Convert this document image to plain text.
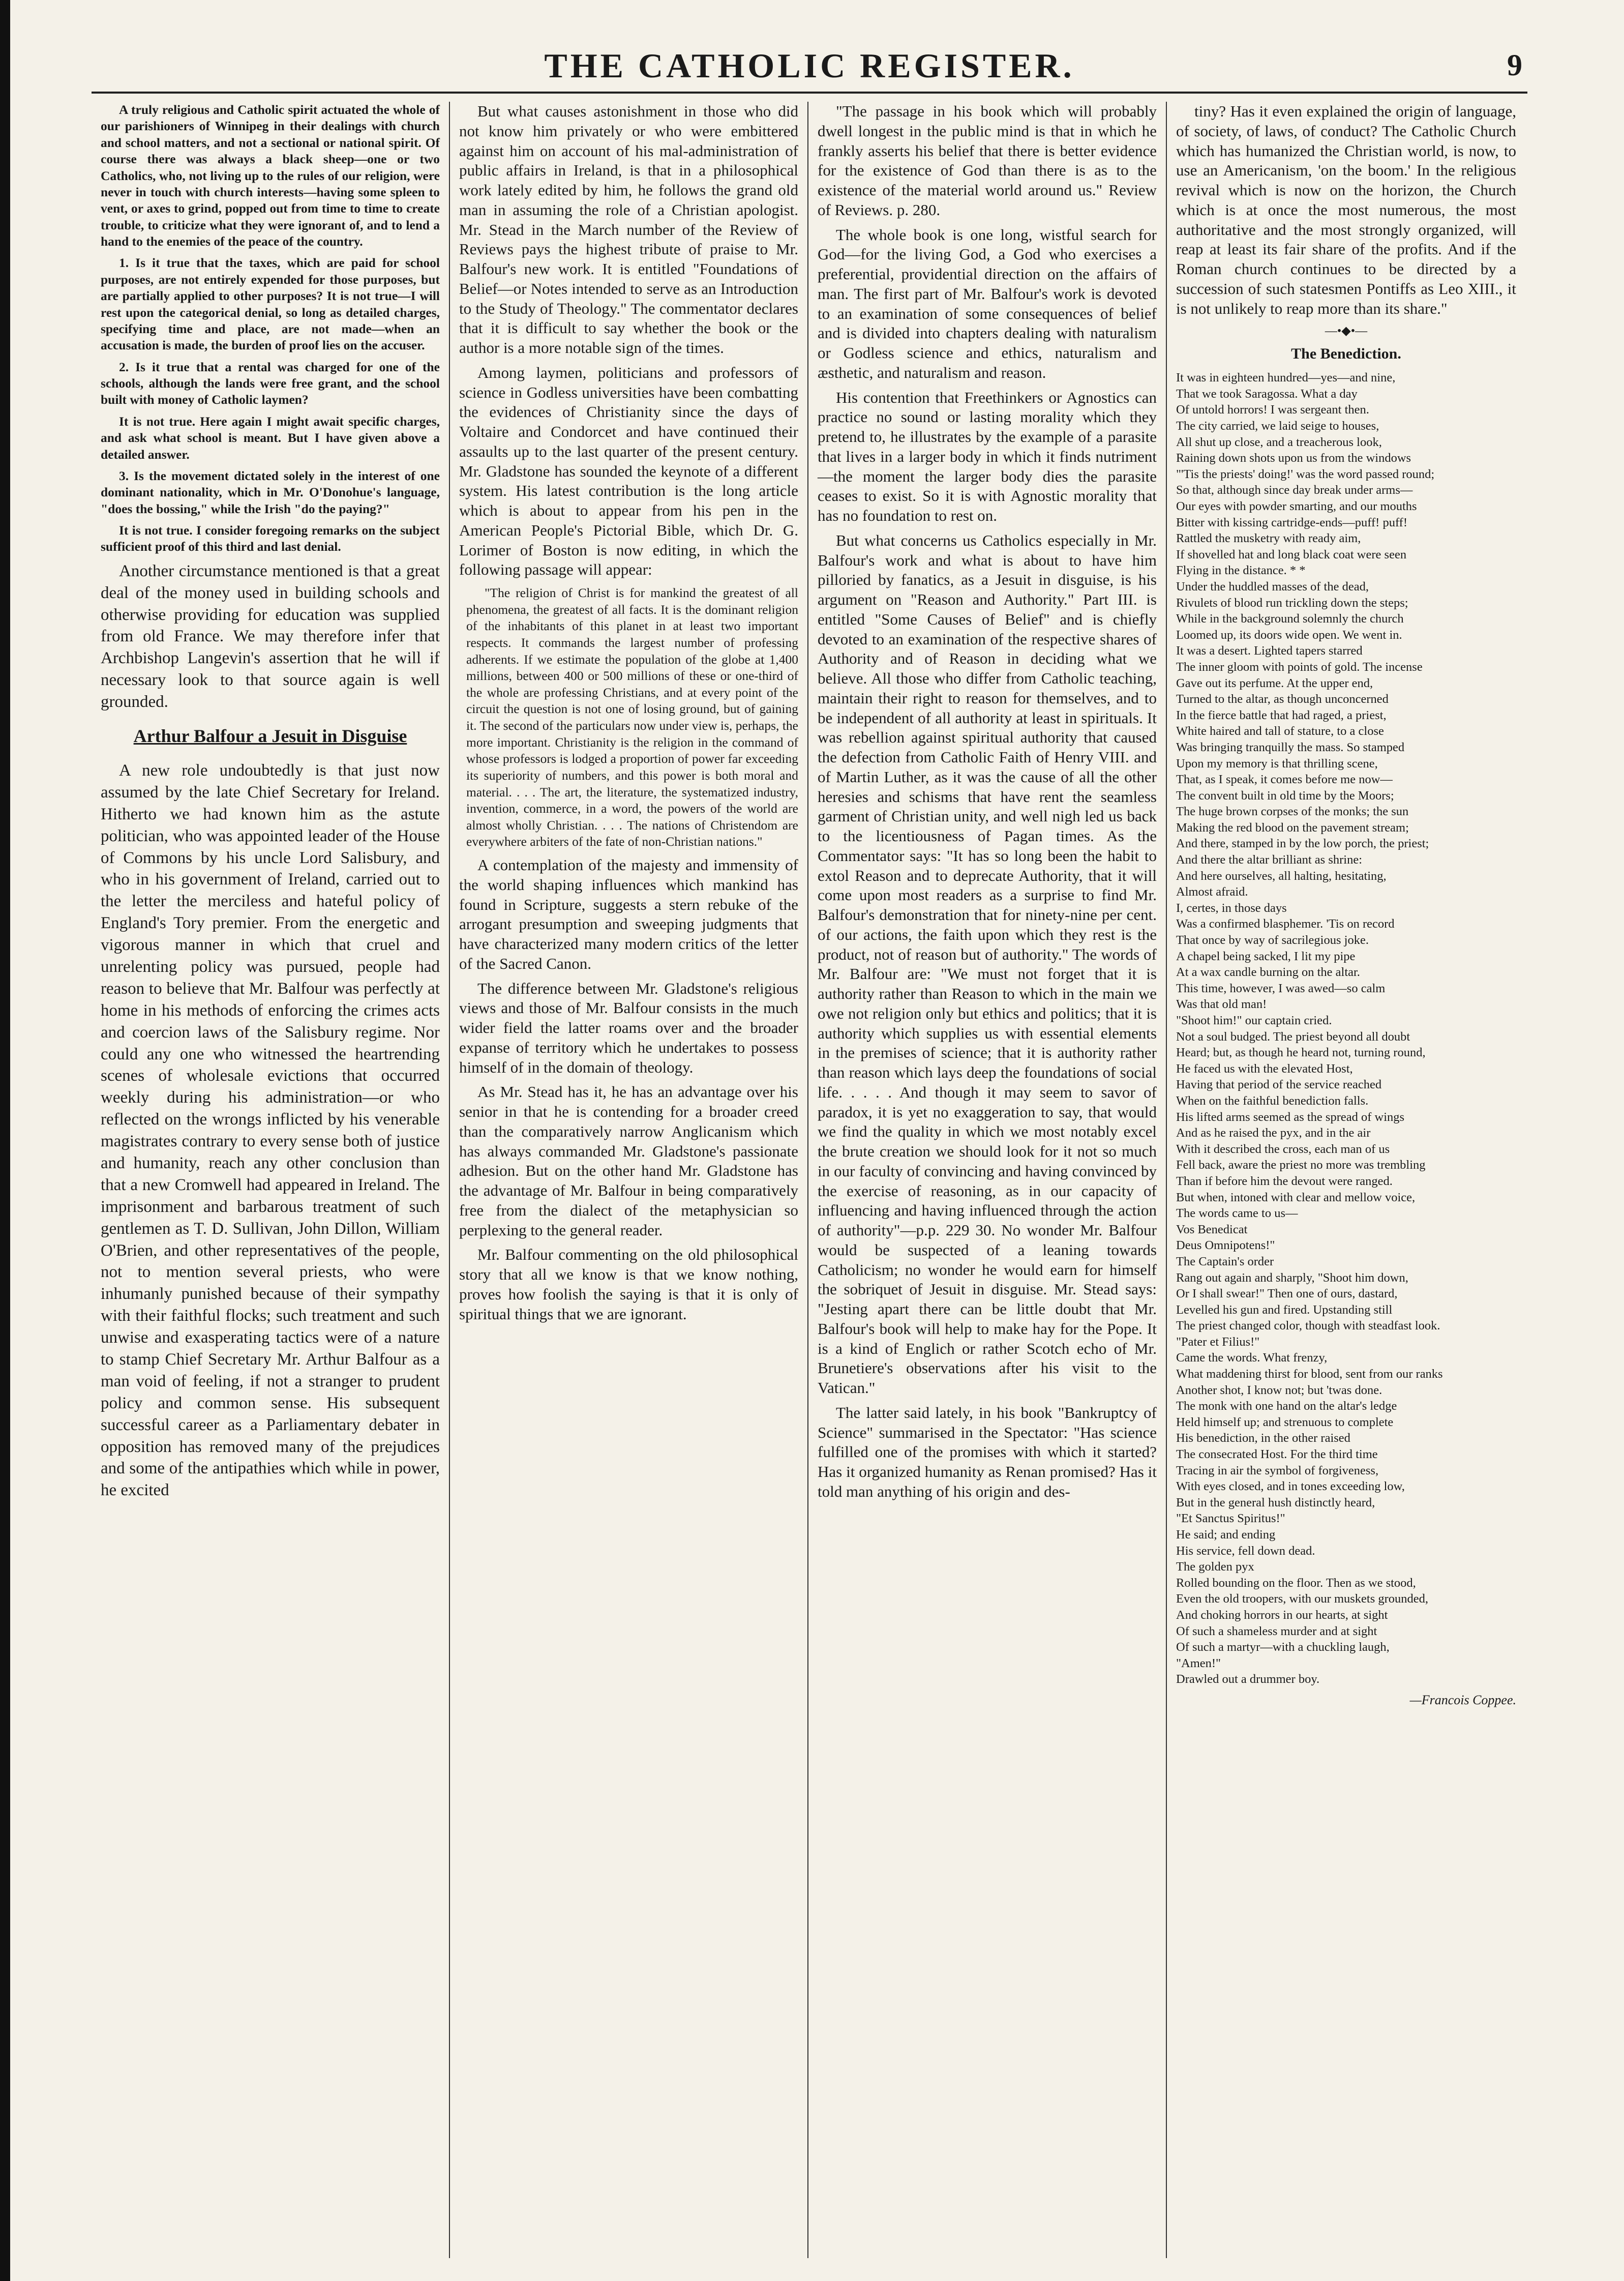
THE CATHOLIC REGISTER.	9

A truly religious and Catholic spirit actuated the whole of our parishioners of Winnipeg in their dealings with church and school matters, and not a sectional or national spirit. Of course there was always a black sheep—one or two Catholics, who, not living up to the rules of our religion, were never in touch with church interests—having some spleen to vent, or axes to grind, popped out from time to time to create trouble, to criticize what they were ignorant of, and to lend a hand to the enemies of the peace of the country.

1. Is it true that the taxes, which are paid for school purposes, are not entirely expended for those purposes, but are partially applied to other purposes? It is not true—I will rest upon the categorical denial, so long as detailed charges, specifying time and place, are not made—when an accusation is made, the burden of proof lies on the accuser.

2. Is it true that a rental was charged for one of the schools, although the lands were free grant, and the school built with money of Catholic laymen?

It is not true. Here again I might await specific charges, and ask what school is meant. But I have given above a detailed answer.

3. Is the movement dictated solely in the interest of one dominant nationality, which in Mr. O'Donohue's language, "does the bossing," while the Irish "do the paying?"

It is not true. I consider foregoing remarks on the subject sufficient proof of this third and last denial.

Another circumstance mentioned is that a great deal of the money used in building schools and otherwise providing for education was supplied from old France. We may therefore infer that Archbishop Langevin's assertion that he will if necessary look to that source again is well grounded.

Arthur Balfour a Jesuit in Disguise

A new role undoubtedly is that just now assumed by the late Chief Secretary for Ireland. Hitherto we had known him as the astute politician, who was appointed leader of the House of Commons by his uncle Lord Salisbury, and who in his government of Ireland, carried out to the letter the merciless and hateful policy of England's Tory premier. From the energetic and vigorous manner in which that cruel and unrelenting policy was pursued, people had reason to believe that Mr. Balfour was perfectly at home in his methods of enforcing the crimes acts and coercion laws of the Salisbury regime. Nor could any one who witnessed the heartrending scenes of wholesale evictions that occurred weekly during his administration—or who reflected on the wrongs inflicted by his venerable magistrates contrary to every sense both of justice and humanity, reach any other conclusion than that a new Cromwell had appeared in Ireland. The imprisonment and barbarous treatment of such gentlemen as T. D. Sullivan, John Dillon, William O'Brien, and other representatives of the people, not to mention several priests, who were inhumanly punished because of their sympathy with their faithful flocks; such treatment and such unwise and exasperating tactics were of a nature to stamp Chief Secretary Mr. Arthur Balfour as a man void of feeling, if not a stranger to prudent policy and common sense. His subsequent successful career as a Parliamentary debater in opposition has removed many of the prejudices and some of the antipathies which while in power, he excited

But what causes astonishment in those who did not know him privately or who were embittered against him on account of his mal-administration of public affairs in Ireland, is that in a philosophical work lately edited by him, he follows the grand old man in assuming the role of a Christian apologist. Mr. Stead in the March number of the Review of Reviews pays the highest tribute of praise to Mr. Balfour's new work. It is entitled "Foundations of Belief—or Notes intended to serve as an Introduction to the Study of Theology." The commentator declares that it is difficult to say whether the book or the author is a more notable sign of the times.

Among laymen, politicians and professors of science in Godless universities have been combatting the evidences of Christianity since the days of Voltaire and Condorcet and have continued their assaults up to the last quarter of the present century. Mr. Gladstone has sounded the keynote of a different system. His latest contribution is the long article which is about to appear from his pen in the American People's Pictorial Bible, which Dr. G. Lorimer of Boston is now editing, in which the following passage will appear:

"The religion of Christ is for mankind the greatest of all phenomena, the greatest of all facts. It is the dominant religion of the inhabitants of this planet in at least two important respects. It commands the largest number of professing adherents. If we estimate the population of the globe at 1,400 millions, between 400 or 500 millions of these or one-third of the whole are professing Christians, and at every point of the circuit the question is not one of losing ground, but of gaining it. The second of the particulars now under view is, perhaps, the more important. Christianity is the religion in the command of whose professors is lodged a proportion of power far exceeding its superiority of numbers, and this power is both moral and material. . . . The art, the literature, the systematized industry, invention, commerce, in a word, the powers of the world are almost wholly Christian. . . . The nations of Christendom are everywhere arbiters of the fate of non-Christian nations."

A contemplation of the majesty and immensity of the world shaping influences which mankind has found in Scripture, suggests a stern rebuke of the arrogant presumption and sweeping judgments that have characterized many modern critics of the letter of the Sacred Canon.

The difference between Mr. Gladstone's religious views and those of Mr. Balfour consists in the much wider field the latter roams over and the broader expanse of territory which he undertakes to possess himself of in the domain of theology.

As Mr. Stead has it, he has an advantage over his senior in that he is contending for a broader creed than the comparatively narrow Anglicanism which has always commanded Mr. Gladstone's passionate adhesion. But on the other hand Mr. Gladstone has the advantage of Mr. Balfour in being comparatively free from the dialect of the metaphysician so perplexing to the general reader.

Mr. Balfour commenting on the old philosophical story that all we know is that we know nothing, proves how foolish the saying is that it is only of spiritual things that we are ignorant.

"The passage in his book which will probably dwell longest in the public mind is that in which he frankly asserts his belief that there is better evidence for the existence of God than there is as to the existence of the material world around us." Review of Reviews. p. 280.

The whole book is one long, wistful search for God—for the living God, a God who exercises a preferential, providential direction on the affairs of man. The first part of Mr. Balfour's work is devoted to an examination of some consequences of belief and is divided into chapters dealing with naturalism or Godless science and ethics, naturalism and æsthetic, and naturalism and reason.

His contention that Freethinkers or Agnostics can practice no sound or lasting morality which they pretend to, he illustrates by the example of a parasite that lives in a larger body in which it finds nutriment—the moment the larger body dies the parasite ceases to exist. So it is with Agnostic morality that has no foundation to rest on.

But what concerns us Catholics especially in Mr. Balfour's work and what is about to have him pilloried by fanatics, as a Jesuit in disguise, is his argument on "Reason and Authority." Part III. is entitled "Some Causes of Belief" and is chiefly devoted to an examination of the respective shares of Authority and of Reason in deciding what we believe. All those who differ from Catholic teaching, maintain their right to reason for themselves, and to be independent of all authority at least in spirituals. It was rebellion against spiritual authority that caused the defection from Catholic Faith of Henry VIII. and of Martin Luther, as it was the cause of all the other heresies and schisms that have rent the seamless garment of Christian unity, and well nigh led us back to the licentiousness of Pagan times. As the Commentator says: "It has so long been the habit to extol Reason and to deprecate Authority, that it will come upon most readers as a surprise to find Mr. Balfour's demonstration that for ninety-nine per cent. of our actions, the faith upon which they rest is the product, not of reason but of authority." The words of Mr. Balfour are: "We must not forget that it is authority rather than Reason to which in the main we owe not religion only but ethics and politics; that it is authority which supplies us with essential elements in the premises of science; that it is authority rather than reason which lays deep the foundations of social life. . . . . And though it may seem to savor of paradox, it is yet no exaggeration to say, that would we find the quality in which we most notably excel the brute creation we should look for it not so much in our faculty of convincing and having convinced by the exercise of reasoning, as in our capacity of influencing and having influenced through the action of authority"—p.p. 229 30. No wonder Mr. Balfour would be suspected of a leaning towards Catholicism; no wonder he would earn for himself the sobriquet of Jesuit in disguise. Mr. Stead says: "Jesting apart there can be little doubt that Mr. Balfour's book will help to make hay for the Pope. It is a kind of Englich or rather Scotch echo of Mr. Brunetiere's observations after his visit to the Vatican."

The latter said lately, in his book "Bankruptcy of Science" summarised in the Spectator: "Has science fulfilled one of the promises with which it started? Has it organized humanity as Renan promised? Has it told man anything of his origin and des-

tiny? Has it even explained the origin of language, of society, of laws, of conduct? The Catholic Church which has humanized the Christian world, is now, to use an Americanism, 'on the boom.' In the religious revival which is now on the horizon, the Church which is at once the most numerous, the most authoritative and the most strongly organized, will reap at least its fair share of the profits. And if the Roman church continues to be directed by a succession of such statesmen Pontiffs as Leo XIII., it is not unlikely to reap more than its share."

—•◆•—
The Benediction.
It was in eighteen hundred—yes—and nine,
That we took Saragossa. What a day
Of untold horrors! I was sergeant then.
The city carried, we laid seige to houses,
All shut up close, and a treacherous look,
Raining down shots upon us from the windows
"'Tis the priests' doing!' was the word passed round;
So that, although since day break under arms—
Our eyes with powder smarting, and our mouths
Bitter with kissing cartridge-ends—puff! puff!
Rattled the musketry with ready aim,
If shovelled hat and long black coat were seen
Flying in the distance. * *
Under the huddled masses of the dead,
Rivulets of blood run trickling down the steps;
While in the background solemnly the church
Loomed up, its doors wide open. We went in.
It was a desert. Lighted tapers starred
The inner gloom with points of gold. The incense
Gave out its perfume. At the upper end,
Turned to the altar, as though unconcerned
In the fierce battle that had raged, a priest,
White haired and tall of stature, to a close
Was bringing tranquilly the mass. So stamped
Upon my memory is that thrilling scene,
That, as I speak, it comes before me now—
The convent built in old time by the Moors;
The huge brown corpses of the monks; the sun
Making the red blood on the pavement stream;
And there, stamped in by the low porch, the priest;
And there the altar brilliant as shrine:
And here ourselves, all halting, hesitating,
Almost afraid.
I, certes, in those days
Was a confirmed blasphemer. 'Tis on record
That once by way of sacrilegious joke.
A chapel being sacked, I lit my pipe
At a wax candle burning on the altar.
This time, however, I was awed—so calm
Was that old man!
"Shoot him!" our captain cried.
Not a soul budged. The priest beyond all doubt
Heard; but, as though he heard not, turning round,
He faced us with the elevated Host,
Having that period of the service reached
When on the faithful benediction falls.
His lifted arms seemed as the spread of wings
And as he raised the pyx, and in the air
With it described the cross, each man of us
Fell back, aware the priest no more was trembling
Than if before him the devout were ranged.
But when, intoned with clear and mellow voice,
The words came to us—
Vos Benedicat
Deus Omnipotens!"
The Captain's order
Rang out again and sharply, "Shoot him down,
Or I shall swear!" Then one of ours, dastard,
Levelled his gun and fired. Upstanding still
The priest changed color, though with steadfast look.
"Pater et Filius!"
Came the words. What frenzy,
What maddening thirst for blood, sent from our ranks
Another shot, I know not; but 'twas done.
The monk with one hand on the altar's ledge
Held himself up; and strenuous to complete
His benediction, in the other raised
The consecrated Host. For the third time
Tracing in air the symbol of forgiveness,
With eyes closed, and in tones exceeding low,
But in the general hush distinctly heard,
"Et Sanctus Spiritus!"
He said; and ending
His service, fell down dead.
The golden pyx
Rolled bounding on the floor. Then as we stood,
Even the old troopers, with our muskets grounded,
And choking horrors in our hearts, at sight
Of such a shameless murder and at sight
Of such a martyr—with a chuckling laugh,
"Amen!"
Drawled out a drummer boy.
—Francois Coppee.
